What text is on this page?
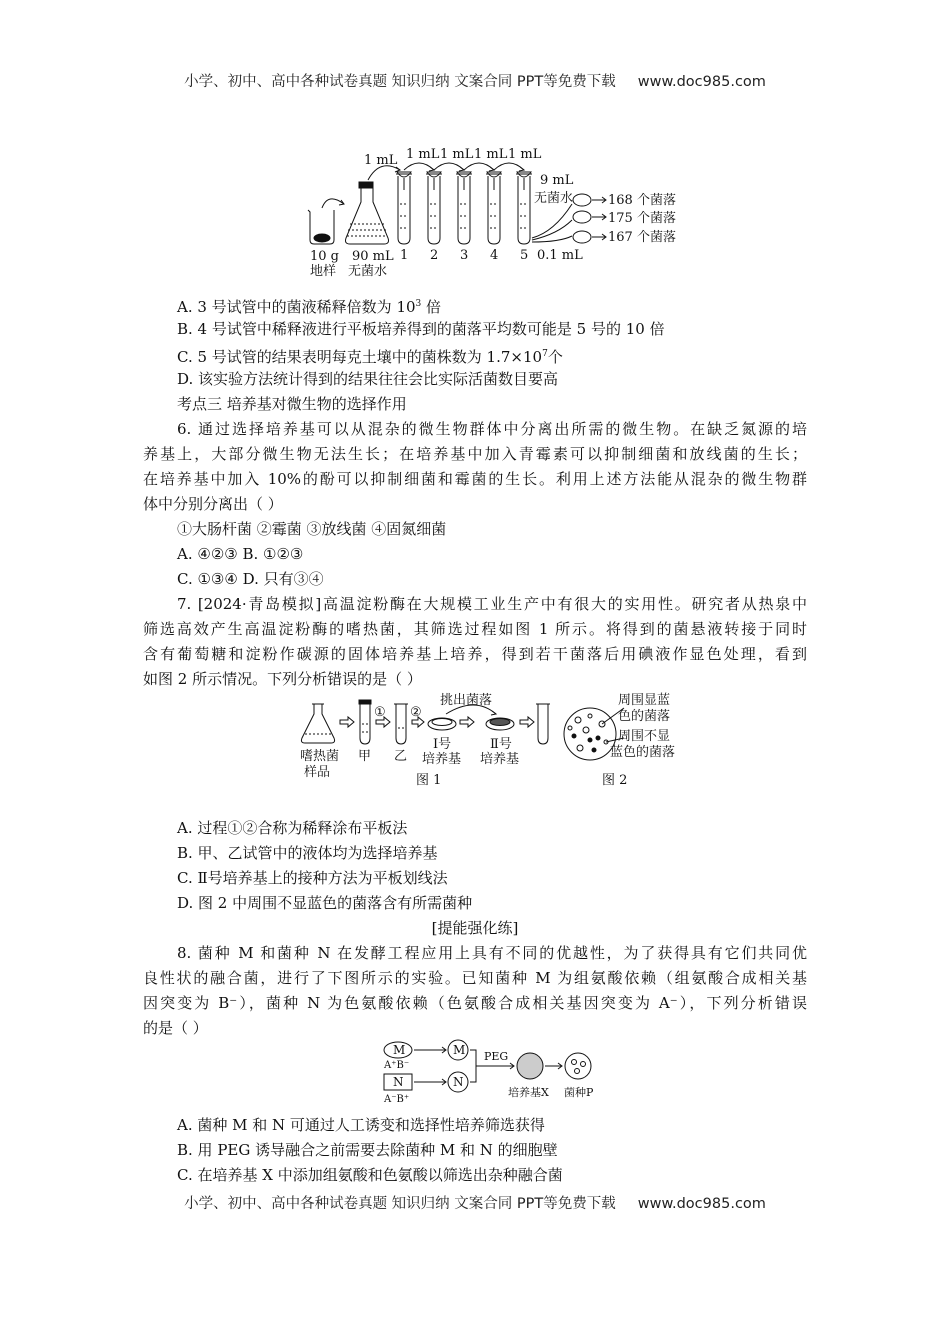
小学、初中、高中各种试卷真题 知识归纳 文案合同 PPT等免费下载 www.doc985.com
1 mL 1 mL 1 mL 1 mL 1 mL
9 mL
无菌水	168 个菌落
175 个菌落
167 个菌落
10 g
地样
90 mL
无菌水
1 2 3 4 5 0.1 mL
A. 3 号试管中的菌液稀释倍数为 $10^3$ 倍
B. 4 号试管中稀释液进行平板培养得到的菌落平均数可能是 5 号的 10 倍
C. 5 号试管的结果表明每克土壤中的菌株数为 $1.7\times 10^7$个
D. 该实验方法统计得到的结果往往会比实际活菌数目要高
考点三 培养基对微生物的选择作用
6. 通过选择培养基可以从混杂的微生物群体中分离出所需的微生物。在缺乏氮源的培
养基上，大部分微生物无法生长；在培养基中加入青霉素可以抑制细菌和放线菌的生长；
在培养基中加入 10%的酚可以抑制细菌和霉菌的生长。利用上述方法能从混杂的微生物群
体中分别分离出（ ）
①大肠杆菌 ②霉菌 ③放线菌 ④固氮细菌
A. ④②③ B. ①②③
C. ①③④ D. 只有③④
7. [2024·青岛模拟]高温淀粉酶在大规模工业生产中有很大的实用性。研究者从热泉中
筛选高效产生高温淀粉酶的嗜热菌，其筛选过程如图 1 所示。将得到的菌悬液转接于同时
含有葡萄糖和淀粉作碳源的固体培养基上培养，得到若干菌落后用碘液作显色处理，看到
如图 2 所示情况。下列分析错误的是（ ）
① ②
挑出菌落
嗜热菌
样品
甲 乙
Ⅰ号
培养基
Ⅱ号
培养基
图 1	图 2
周围显蓝
色的菌落
周围不显
蓝色的菌落
A. 过程①②合称为稀释涂布平板法
B. 甲、乙试管中的液体均为选择培养基
C. Ⅱ号培养基上的接种方法为平板划线法
D. 图 2 中周围不显蓝色的菌落含有所需菌种
[提能强化练]
8. 菌种 M 和菌种 N 在发酵工程应用上具有不同的优越性，为了获得具有它们共同优
良性状的融合菌，进行了下图所示的实验。已知菌种 M 为组氨酸依赖（组氨酸合成相关基
因突变为 B⁻），菌种 N 为色氨酸依赖（色氨酸合成相关基因突变为 A⁻），下列分析错误
的是（ ）
M
A⁺B⁻
N
A⁻B⁺
M
N
PEG
培养基X 菌种P
A. 菌种 M 和 N 可通过人工诱变和选择性培养筛选获得
B. 用 PEG 诱导融合之前需要去除菌种 M 和 N 的细胞壁
C. 在培养基 X 中添加组氨酸和色氨酸以筛选出杂种融合菌
小学、初中、高中各种试卷真题 知识归纳 文案合同 PPT等免费下载 www.doc985.com
